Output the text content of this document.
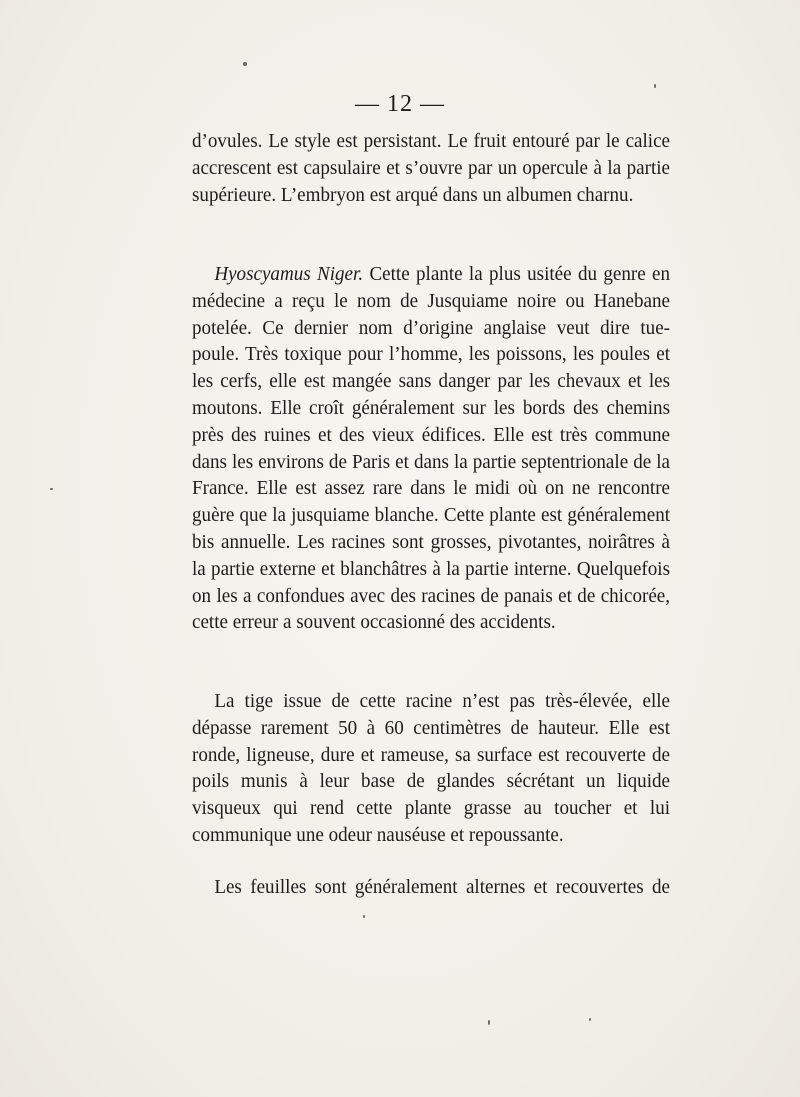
— 12 —

d’ovules. Le style est persistant. Le fruit entouré par le calice accrescent est capsulaire et s’ouvre par un opercule à la partie supérieure. L’embryon est arqué dans un albumen charnu.

Hyoscyamus Niger. Cette plante la plus usitée du genre en médecine a reçu le nom de Jusquiame noire ou Hanebane potelée. Ce dernier nom d’origine anglaise veut dire tue-poule. Très toxique pour l’homme, les poissons, les poules et les cerfs, elle est mangée sans danger par les chevaux et les moutons. Elle croît généralement sur les bords des chemins près des ruines et des vieux édifices. Elle est très commune dans les environs de Paris et dans la partie septentrionale de la France. Elle est assez rare dans le midi où on ne rencontre guère que la jusquiame blanche. Cette plante est généralement bis annuelle. Les racines sont grosses, pivotantes, noirâtres à la partie externe et blanchâtres à la partie interne. Quelquefois on les a confondues avec des racines de panais et de chicorée, cette erreur a souvent occasionné des accidents.

La tige issue de cette racine n’est pas très-élevée, elle dépasse rarement 50 à 60 centimètres de hauteur. Elle est ronde, ligneuse, dure et rameuse, sa surface est recouverte de poils munis à leur base de glandes sécrétant un liquide visqueux qui rend cette plante grasse au toucher et lui communique une odeur nauséuse et repoussante.

Les feuilles sont généralement alternes et recouvertes de
